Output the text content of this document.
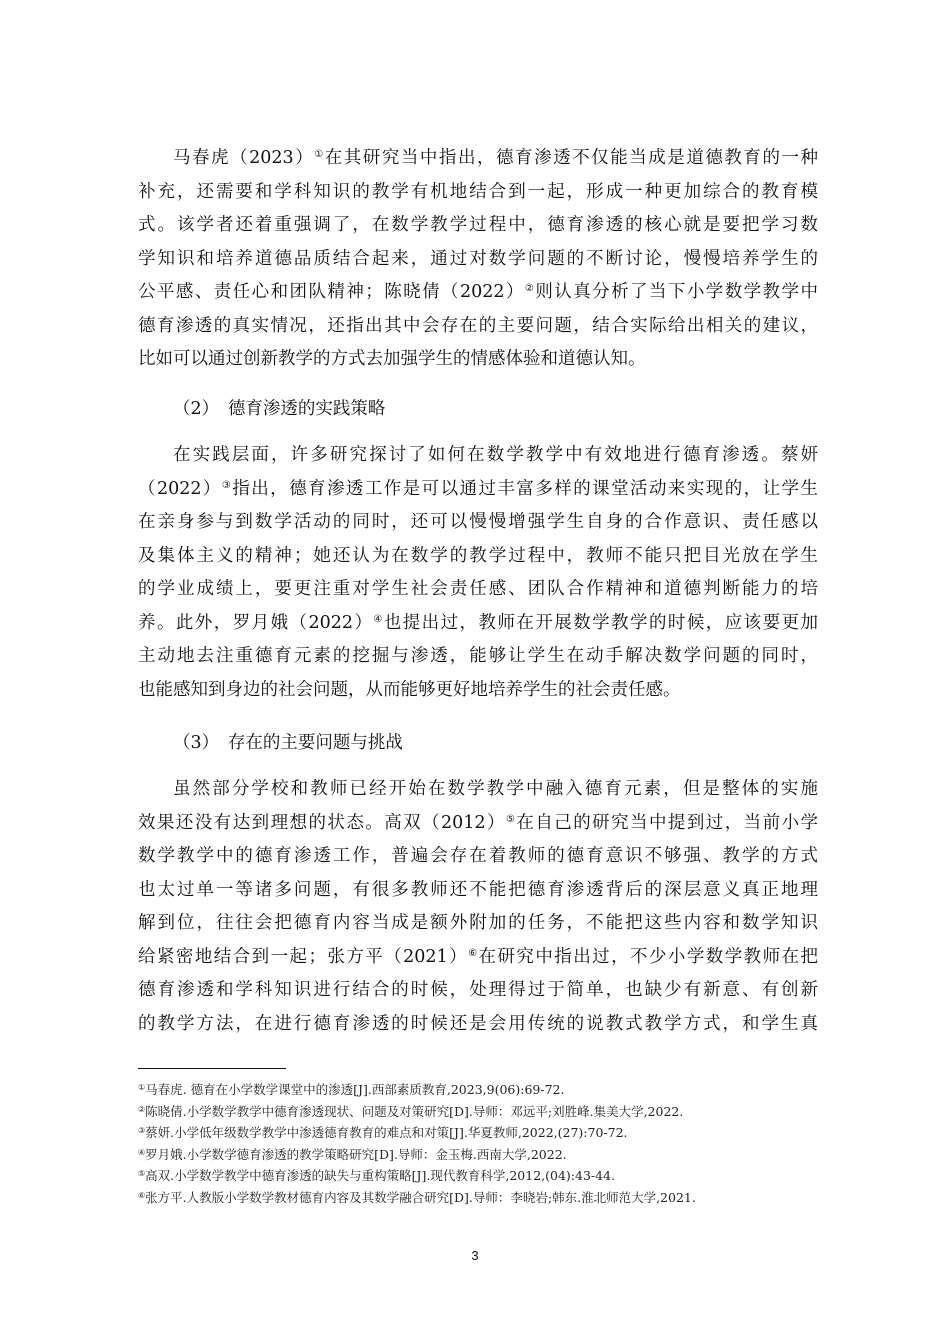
马春虎（2023）①在其研究当中指出，德育渗透不仅能当成是道德教育的一种
补充，还需要和学科知识的教学有机地结合到一起，形成一种更加综合的教育模
式。该学者还着重强调了，在数学教学过程中，德育渗透的核心就是要把学习数
学知识和培养道德品质结合起来，通过对数学问题的不断讨论，慢慢培养学生的
公平感、责任心和团队精神；陈晓倩（2022）②则认真分析了当下小学数学教学中
德育渗透的真实情况，还指出其中会存在的主要问题，结合实际给出相关的建议，
比如可以通过创新教学的方式去加强学生的情感体验和道德认知。
（2）　德育渗透的实践策略
在实践层面，许多研究探讨了如何在数学教学中有效地进行德育渗透。蔡妍
（2022）③指出，德育渗透工作是可以通过丰富多样的课堂活动来实现的，让学生
在亲身参与到数学活动的同时，还可以慢慢增强学生自身的合作意识、责任感以
及集体主义的精神；她还认为在数学的教学过程中，教师不能只把目光放在学生
的学业成绩上，要更注重对学生社会责任感、团队合作精神和道德判断能力的培
养。此外，罗月娥（2022）④也提出过，教师在开展数学教学的时候，应该要更加
主动地去注重德育元素的挖掘与渗透，能够让学生在动手解决数学问题的同时，
也能感知到身边的社会问题，从而能够更好地培养学生的社会责任感。
（3）　存在的主要问题与挑战
虽然部分学校和教师已经开始在数学教学中融入德育元素，但是整体的实施
效果还没有达到理想的状态。高双（2012）⑤在自己的研究当中提到过，当前小学
数学教学中的德育渗透工作，普遍会存在着教师的德育意识不够强、教学的方式
也太过单一等诸多问题，有很多教师还不能把德育渗透背后的深层意义真正地理
解到位，往往会把德育内容当成是额外附加的任务，不能把这些内容和数学知识
给紧密地结合到一起；张方平（2021）⑥在研究中指出过，不少小学数学教师在把
德育渗透和学科知识进行结合的时候，处理得过于简单，也缺少有新意、有创新
的教学方法，在进行德育渗透的时候还是会用传统的说教式教学方式，和学生真
①马春虎. 德育在小学数学课堂中的渗透[J].西部素质教育,2023,9(06):69-72.
②陈晓倩.小学数学教学中德育渗透现状、问题及对策研究[D].导师：邓远平;刘胜峰.集美大学,2022.
③蔡妍.小学低年级数学教学中渗透德育教育的难点和对策[J].华夏教师,2022,(27):70-72.
④罗月娥.小学数学德育渗透的教学策略研究[D].导师：金玉梅.西南大学,2022.
⑤高双.小学数学教学中德育渗透的缺失与重构策略[J].现代教育科学,2012,(04):43-44.
⑥张方平.人教版小学数学教材德育内容及其数学融合研究[D].导师：李晓岩;韩东.淮北师范大学,2021.
3
